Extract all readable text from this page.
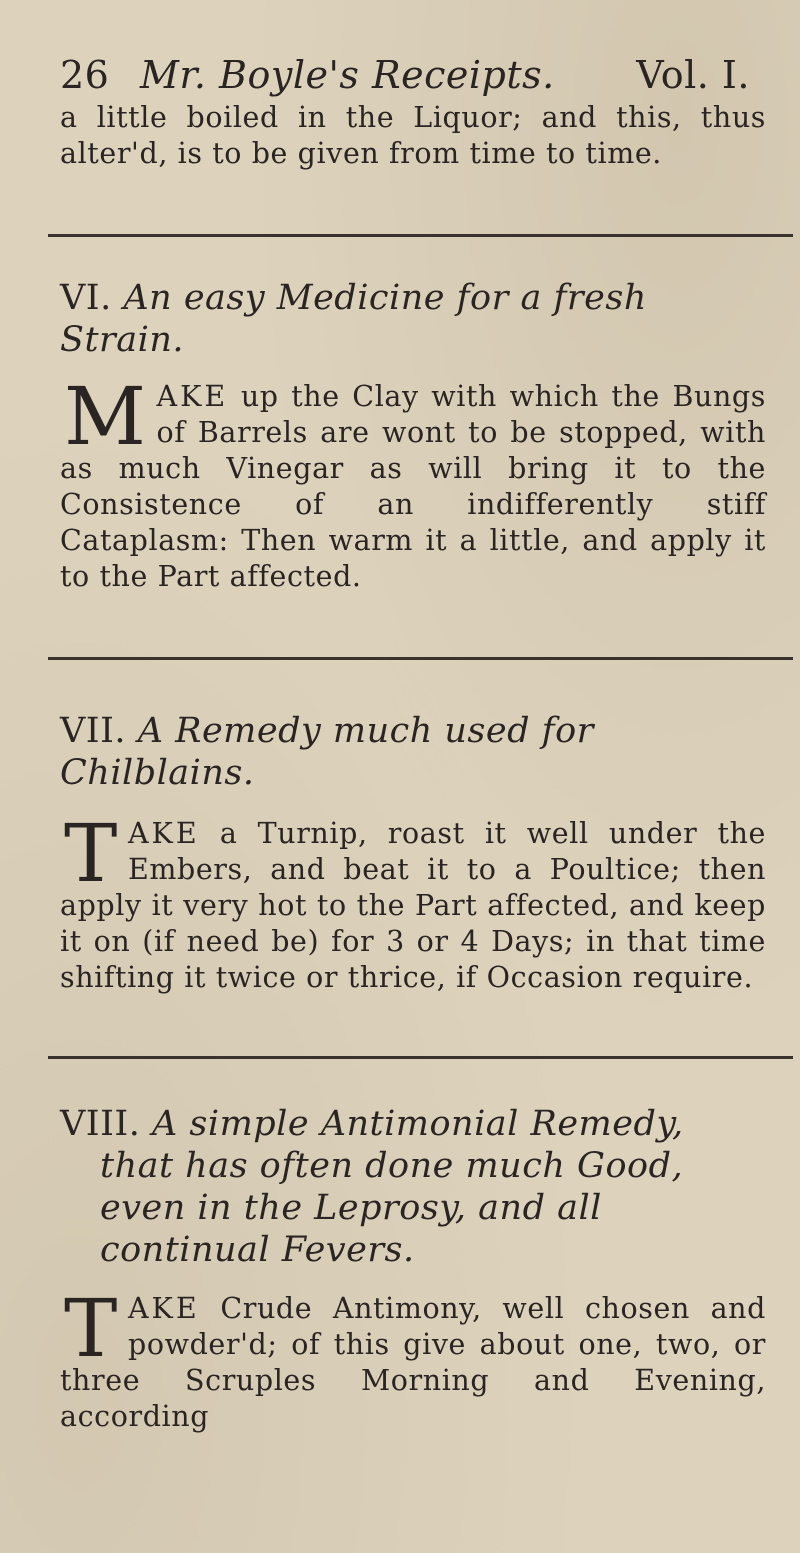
26 Mr. Boyle's Receipts.	Vol. I.

a little boiled in the Liquor; and this, thus alter'd, is to be given from time to time.

VI. An easy Medicine for a fresh Strain.

M AKE up the Clay with which the Bungs of Barrels are wont to be stopped, with as much Vinegar as will bring it to the Consistence of an indifferently stiff Cataplasm: Then warm it a little, and apply it to the Part affected.

VII. A Remedy much used for Chilblains.

T AKE a Turnip, roast it well under the Embers, and beat it to a Poultice; then apply it very hot to the Part affected, and keep it on (if need be) for 3 or 4 Days; in that time shifting it twice or thrice, if Occasion require.

VIII. A simple Antimonial Remedy, that has often done much Good, even in the Leprosy, and all continual Fevers.

T AKE Crude Antimony, well chosen and powder'd; of this give about one, two, or three Scruples Morning and Evening, according
